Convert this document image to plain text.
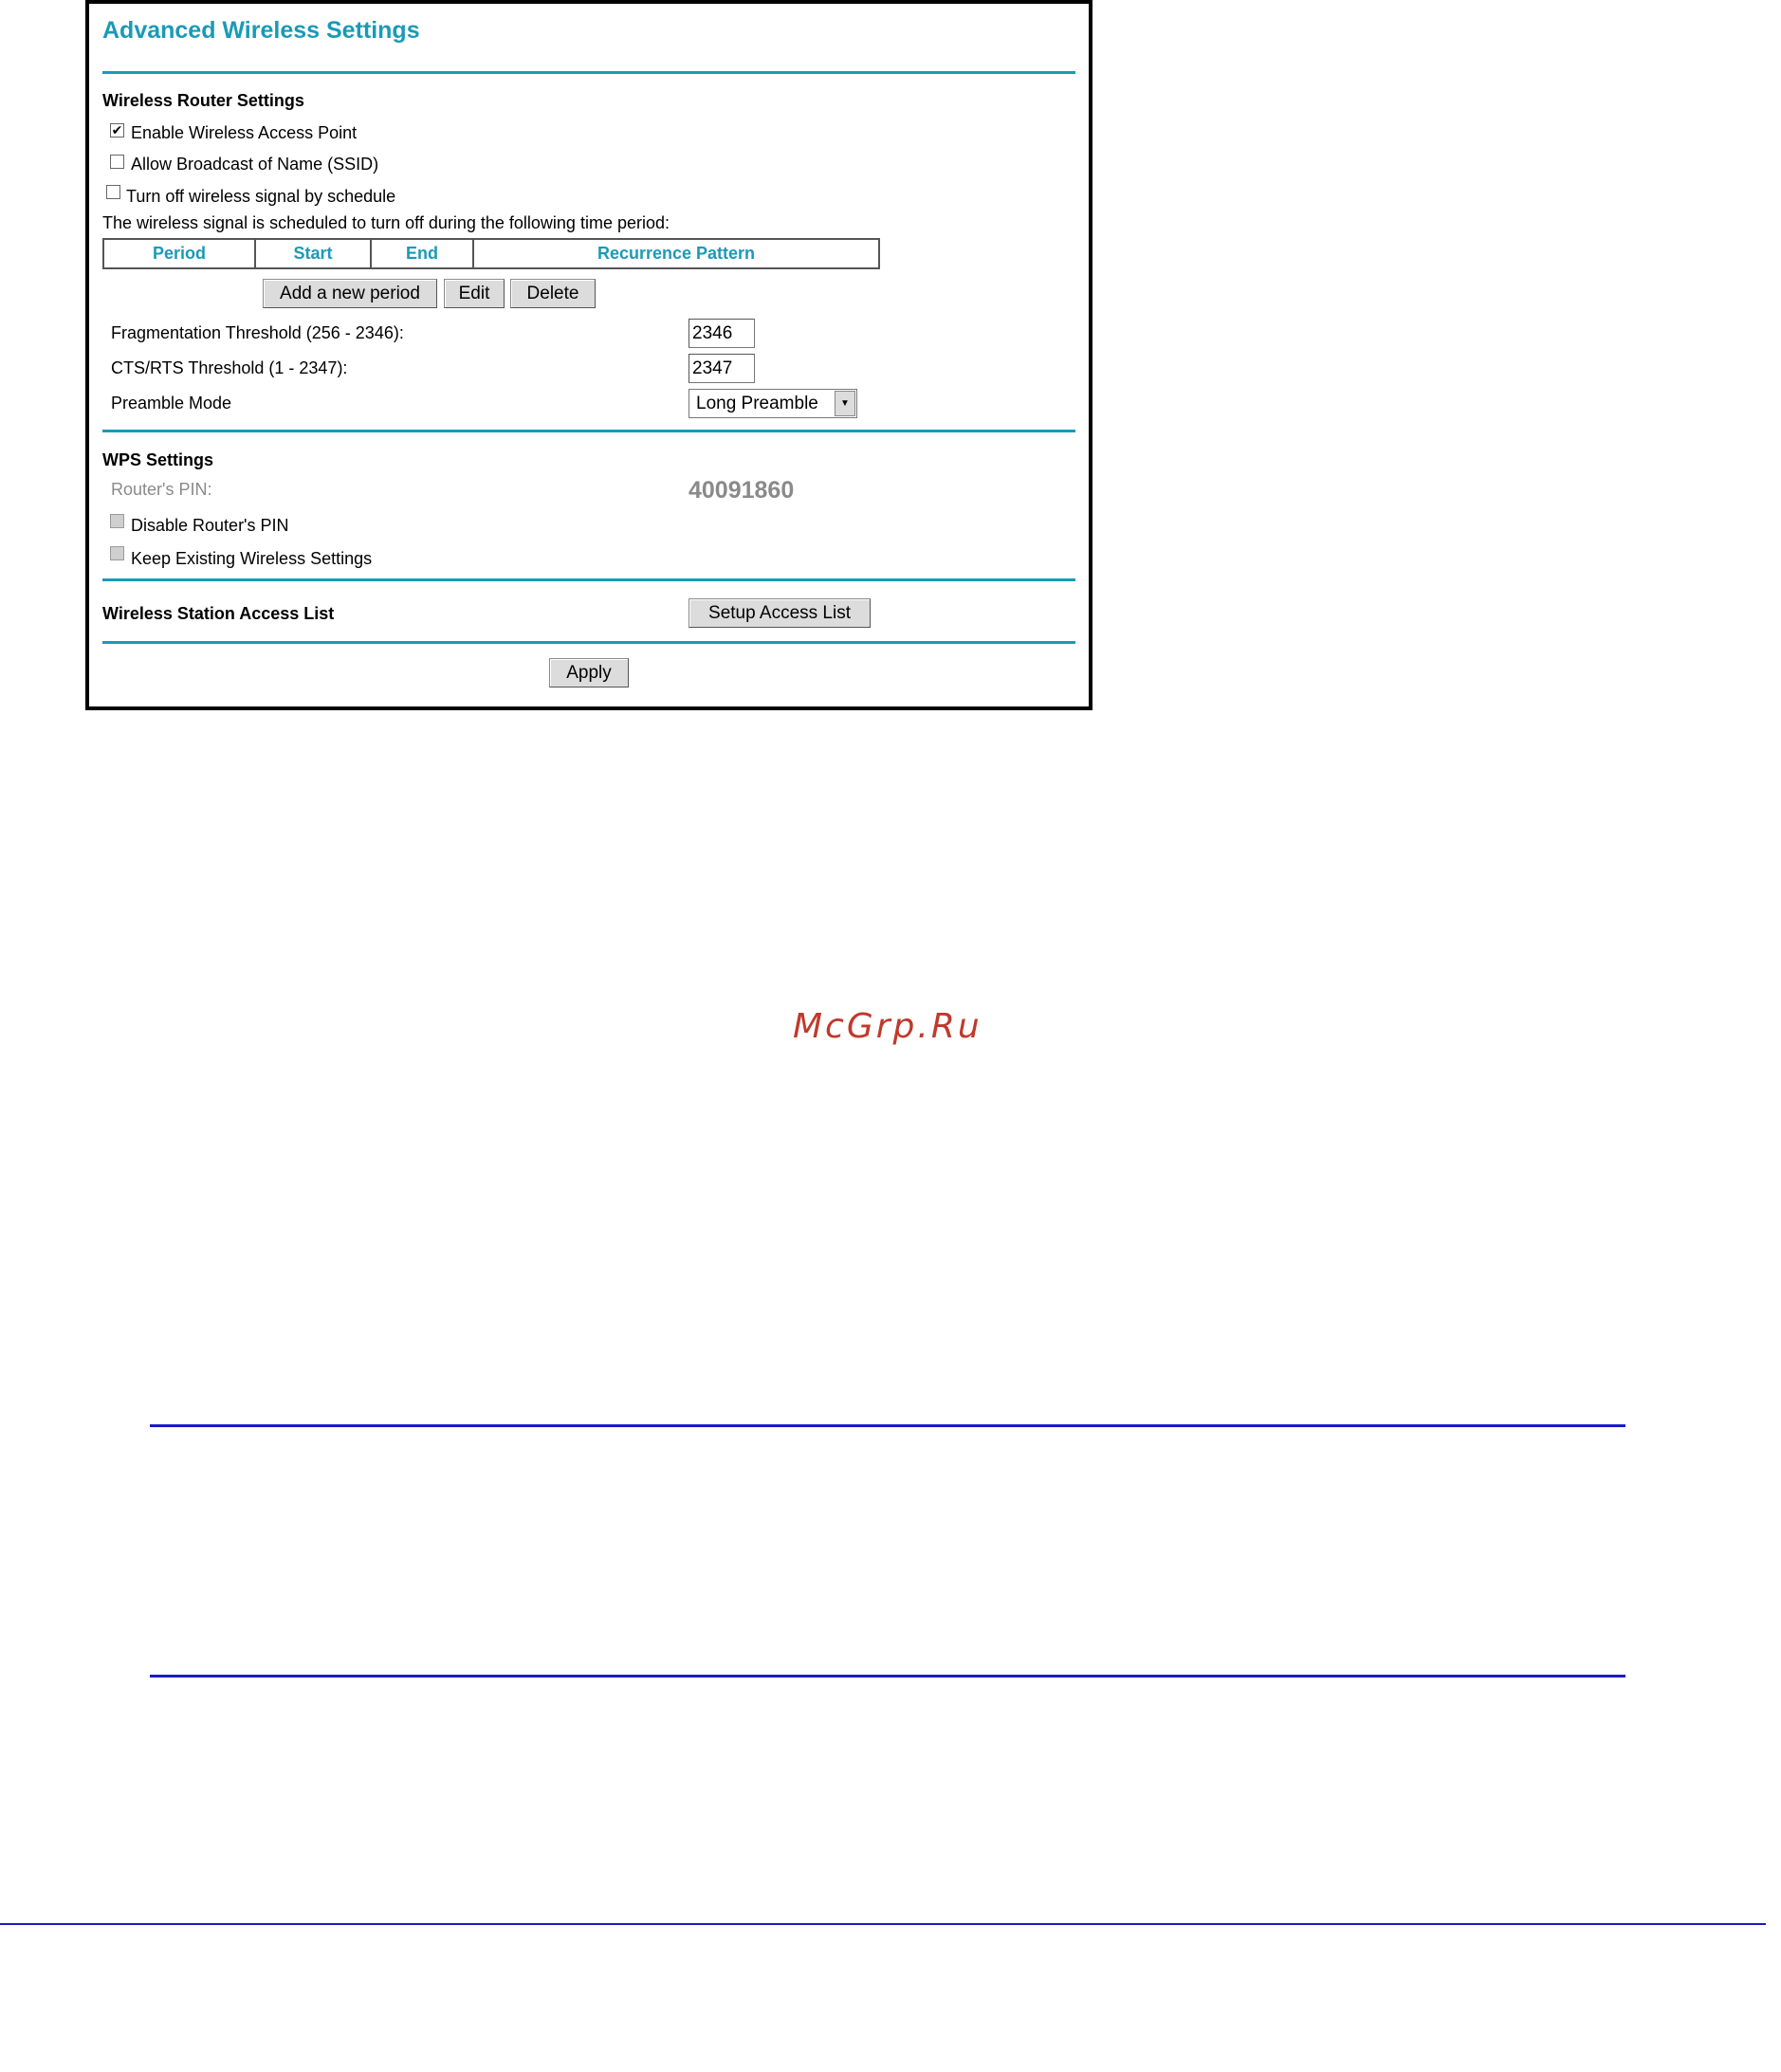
Advanced Wireless Settings
Wireless Router Settings
✔ Enable Wireless Access Point
Allow Broadcast of Name (SSID)
Turn off wireless signal by schedule
The wireless signal is scheduled to turn off during the following time period:
Period	Start	End	Recurrence Pattern
Add a new period	Edit	Delete
Fragmentation Threshold (256 - 2346):	2346
CTS/RTS Threshold (1 - 2347):	2347
Preamble Mode	Long Preamble	▼
WPS Settings
Router's PIN:	40091860
Disable Router's PIN
Keep Existing Wireless Settings
Wireless Station Access List	Setup Access List
Apply
McGrp.Ru
